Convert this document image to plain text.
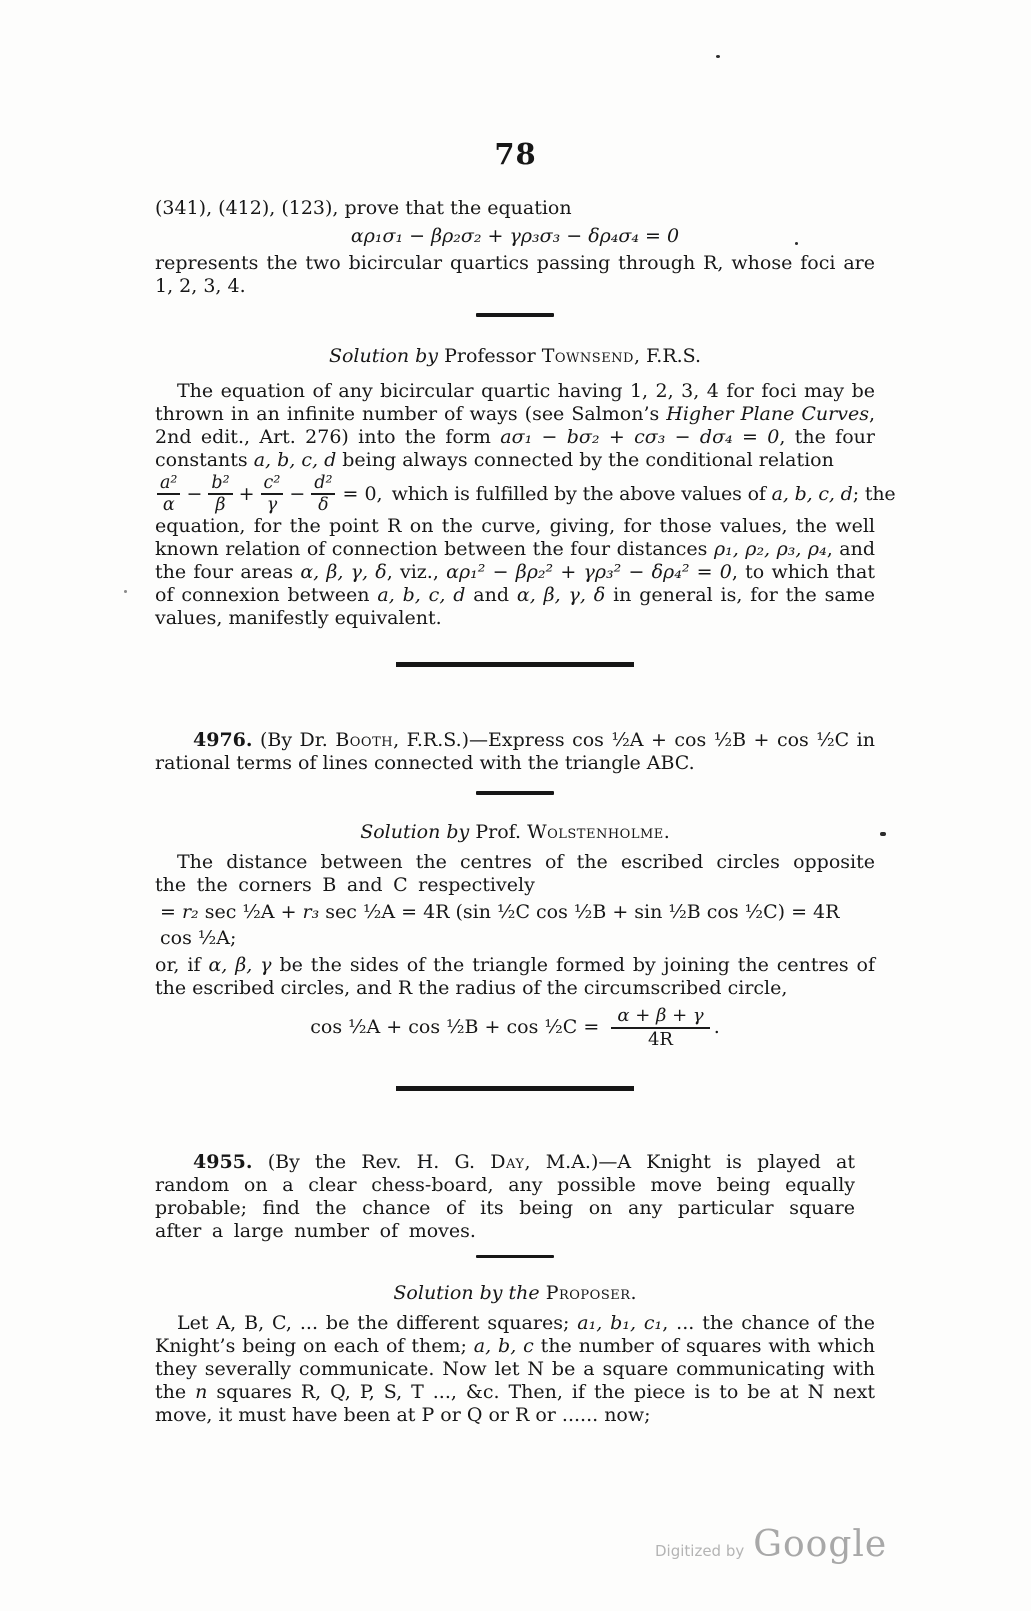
78

(341), (412), (123), prove that the equation

αρ₁σ₁ − βρ₂σ₂ + γρ₃σ₃ − δρ₄σ₄ = 0

represents the two bicircular quartics passing through R, whose foci are 1, 2, 3, 4.

Solution by Professor Townsend, F.R.S.

The equation of any bicircular quartic having 1, 2, 3, 4 for foci may be thrown in an infinite number of ways (see Salmon’s Higher Plane Curves, 2nd edit., Art. 276) into the form aσ₁ − bσ₂ + cσ₃ − dσ₄ = 0, the four constants a, b, c, d being always connected by the conditional relation

$\frac{\text{a²}}{\alpha} - \frac{\text{b²}}{\beta} + \frac{\text{c²}}{\gamma} - \frac{\text{d²}}{\delta} = 0$, which is fulfilled by the above values of a, b, c, d; the

equation, for the point R on the curve, giving, for those values, the well known relation of connection between the four distances ρ₁, ρ₂, ρ₃, ρ₄, and the four areas α, β, γ, δ, viz., αρ₁² − βρ₂² + γρ₃² − δρ₄² = 0, to which that of connexion between a, b, c, d and α, β, γ, δ in general is, for the same values, manifestly equivalent.

4976. (By Dr. Booth, F.R.S.)—Express cos ½A + cos ½B + cos ½C in rational terms of lines connected with the triangle ABC.

Solution by Prof. Wolstenholme.

The distance between the centres of the escribed circles opposite the the corners B and C respectively

= r₂ sec ½A + r₃ sec ½A = 4R (sin ½C cos ½B + sin ½B cos ½C) = 4R cos ½A;

or, if α, β, γ be the sides of the triangle formed by joining the centres of the escribed circles, and R the radius of the circumscribed circle,

cos ½A + cos ½B + cos ½C = $\frac{\alpha + \beta + \gamma}{4R}$ .

4955. (By the Rev. H. G. Day, M.A.)—A Knight is played at random on a clear chess-board, any possible move being equally probable; find the chance of its being on any particular square after a large number of moves.

Solution by the Proposer.

Let A, B, C, ... be the different squares; a₁, b₁, c₁, ... the chance of the Knight’s being on each of them; a, b, c the number of squares with which they severally communicate. Now let N be a square communicating with the n squares R, Q, P, S, T ..., &c. Then, if the piece is to be at N next move, it must have been at P or Q or R or ...... now;

Digitized by Google
